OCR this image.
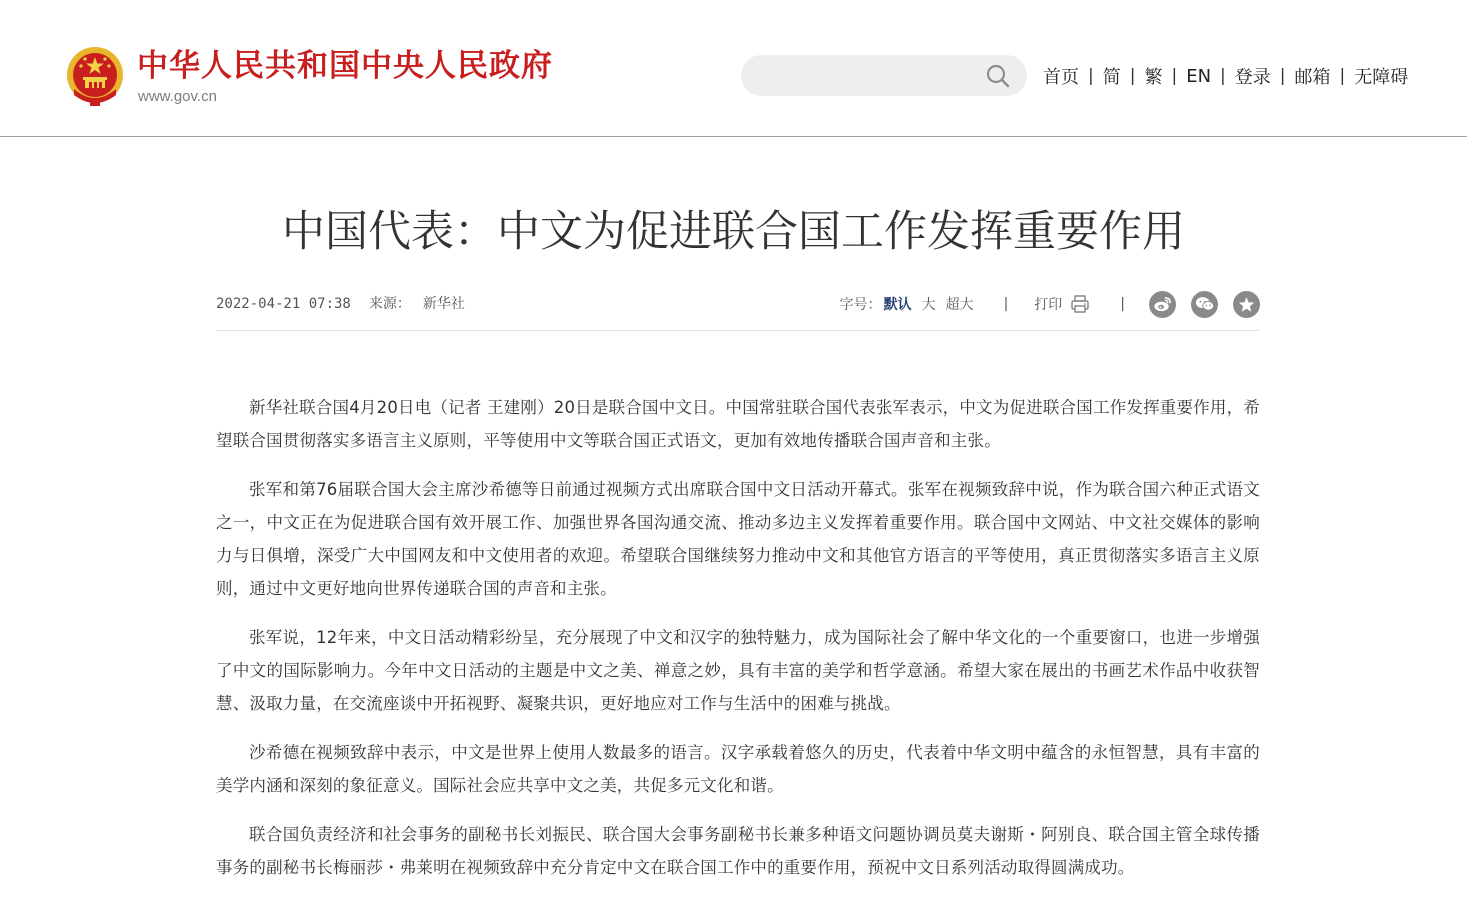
中华人民共和国中央人民政府
www.gov.cn
首页 | 简 | 繁 | EN | 登录 | 邮箱 | 无障碍
中国代表：中文为促进联合国工作发挥重要作用
2022-04-21 07:38 来源： 新华社	字号： 默认 大 超大 | 打印	|

新华社联合国4月20日电（记者 王建刚）20日是联合国中文日。中国常驻联合国代表张军表示，中文为促进联合国工作发挥重要作用，希望联合国贯彻落实多语言主义原则，平等使用中文等联合国正式语文，更加有效地传播联合国声音和主张。

张军和第76届联合国大会主席沙希德等日前通过视频方式出席联合国中文日活动开幕式。张军在视频致辞中说，作为联合国六种正式语文之一，中文正在为促进联合国有效开展工作、加强世界各国沟通交流、推动多边主义发挥着重要作用。联合国中文网站、中文社交媒体的影响力与日俱增，深受广大中国网友和中文使用者的欢迎。希望联合国继续努力推动中文和其他官方语言的平等使用，真正贯彻落实多语言主义原则，通过中文更好地向世界传递联合国的声音和主张。

张军说，12年来，中文日活动精彩纷呈，充分展现了中文和汉字的独特魅力，成为国际社会了解中华文化的一个重要窗口，也进一步增强了中文的国际影响力。今年中文日活动的主题是中文之美、禅意之妙，具有丰富的美学和哲学意涵。希望大家在展出的书画艺术作品中收获智慧、汲取力量，在交流座谈中开拓视野、凝聚共识，更好地应对工作与生活中的困难与挑战。

沙希德在视频致辞中表示，中文是世界上使用人数最多的语言。汉字承载着悠久的历史，代表着中华文明中蕴含的永恒智慧，具有丰富的美学内涵和深刻的象征意义。国际社会应共享中文之美，共促多元文化和谐。

联合国负责经济和社会事务的副秘书长刘振民、联合国大会事务副秘书长兼多种语文问题协调员莫夫谢斯・阿别良、联合国主管全球传播事务的副秘书长梅丽莎・弗莱明在视频致辞中充分肯定中文在联合国工作中的重要作用，预祝中文日系列活动取得圆满成功。
